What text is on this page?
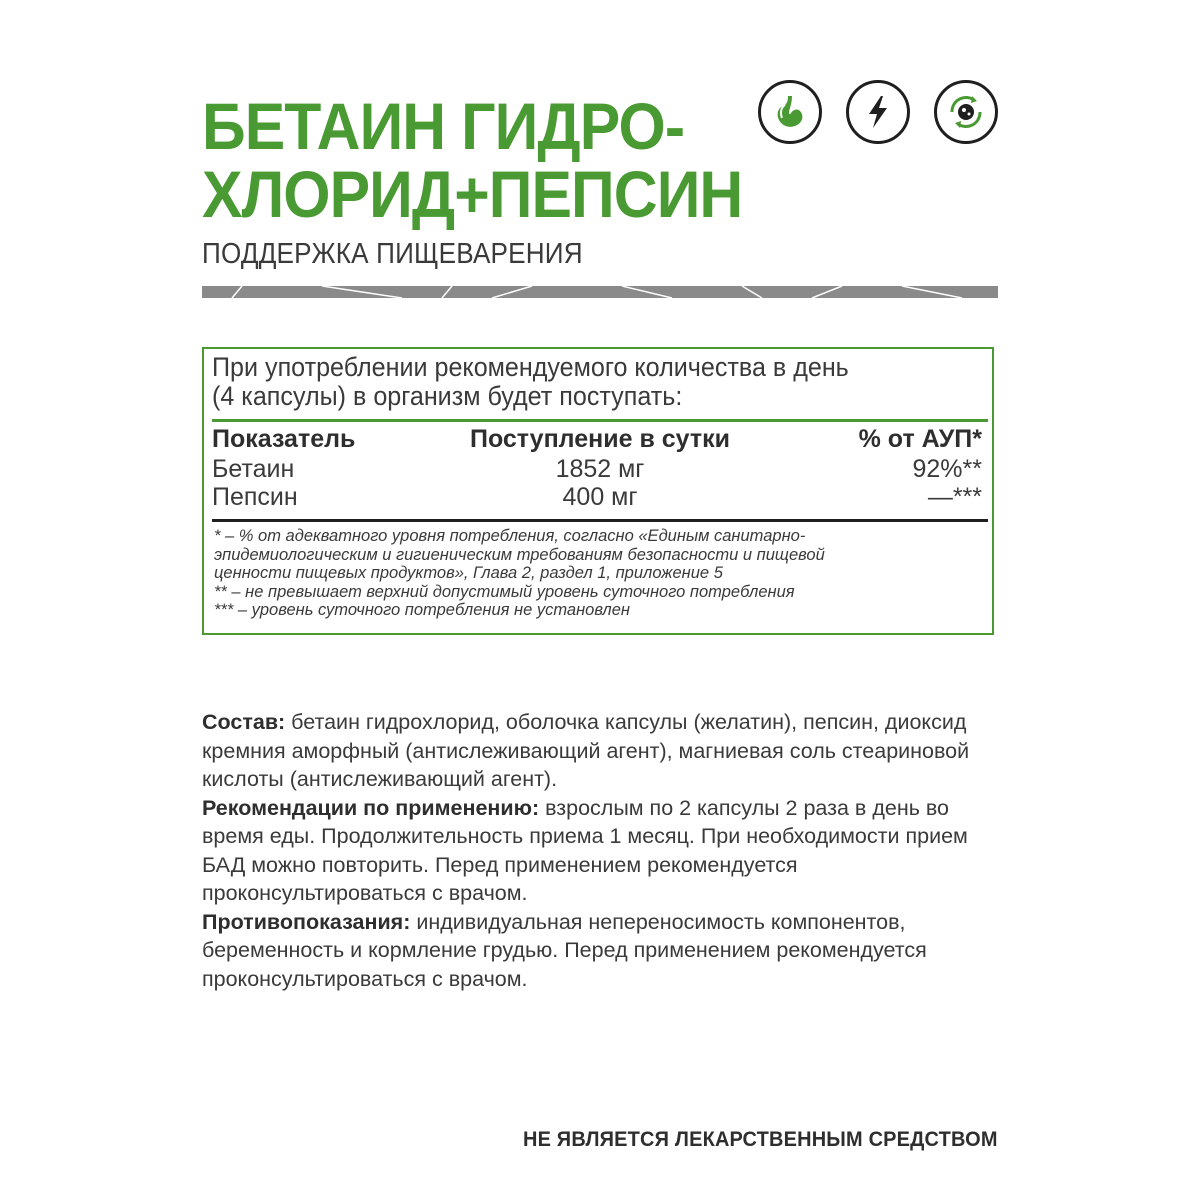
БЕТАИН ГИДРО-
ХЛОРИД+ПЕПСИН

ПОДДЕРЖКА ПИЩЕВАРЕНИЯ

При употреблении рекомендуемого количества в день
(4 капсулы) в организм будет поступать:

Показатель	Поступление в сутки	% от АУП*
Бетаин	1852 мг	92%**
Пепсин	400 мг	—***
* – % от адекватного уровня потребления, согласно «Единым санитарно-
эпидемиологическим и гигиеническим требованиям безопасности и пищевой
ценности пищевых продуктов», Глава 2, раздел 1, приложение 5
** – не превышает верхний допустимый уровень суточного потребления
*** – уровень суточного потребления не установлен

Состав: бетаин гидрохлорид, оболочка капсулы (желатин), пепсин, диоксид кремния аморфный (антислеживающий агент), магниевая соль стеариновой кислоты (антислеживающий агент).

Рекомендации по применению: взрослым по 2 капсулы 2 раза в день во время еды. Продолжительность приема 1 месяц. При необходимости прием БАД можно повторить. Перед применением рекомендуется проконсультироваться с врачом.

Противопоказания: индивидуальная непереносимость компонентов, беременность и кормление грудью. Перед применением рекомендуется проконсультироваться с врачом.

НЕ ЯВЛЯЕТСЯ ЛЕКАРСТВЕННЫМ СРЕДСТВОМ
